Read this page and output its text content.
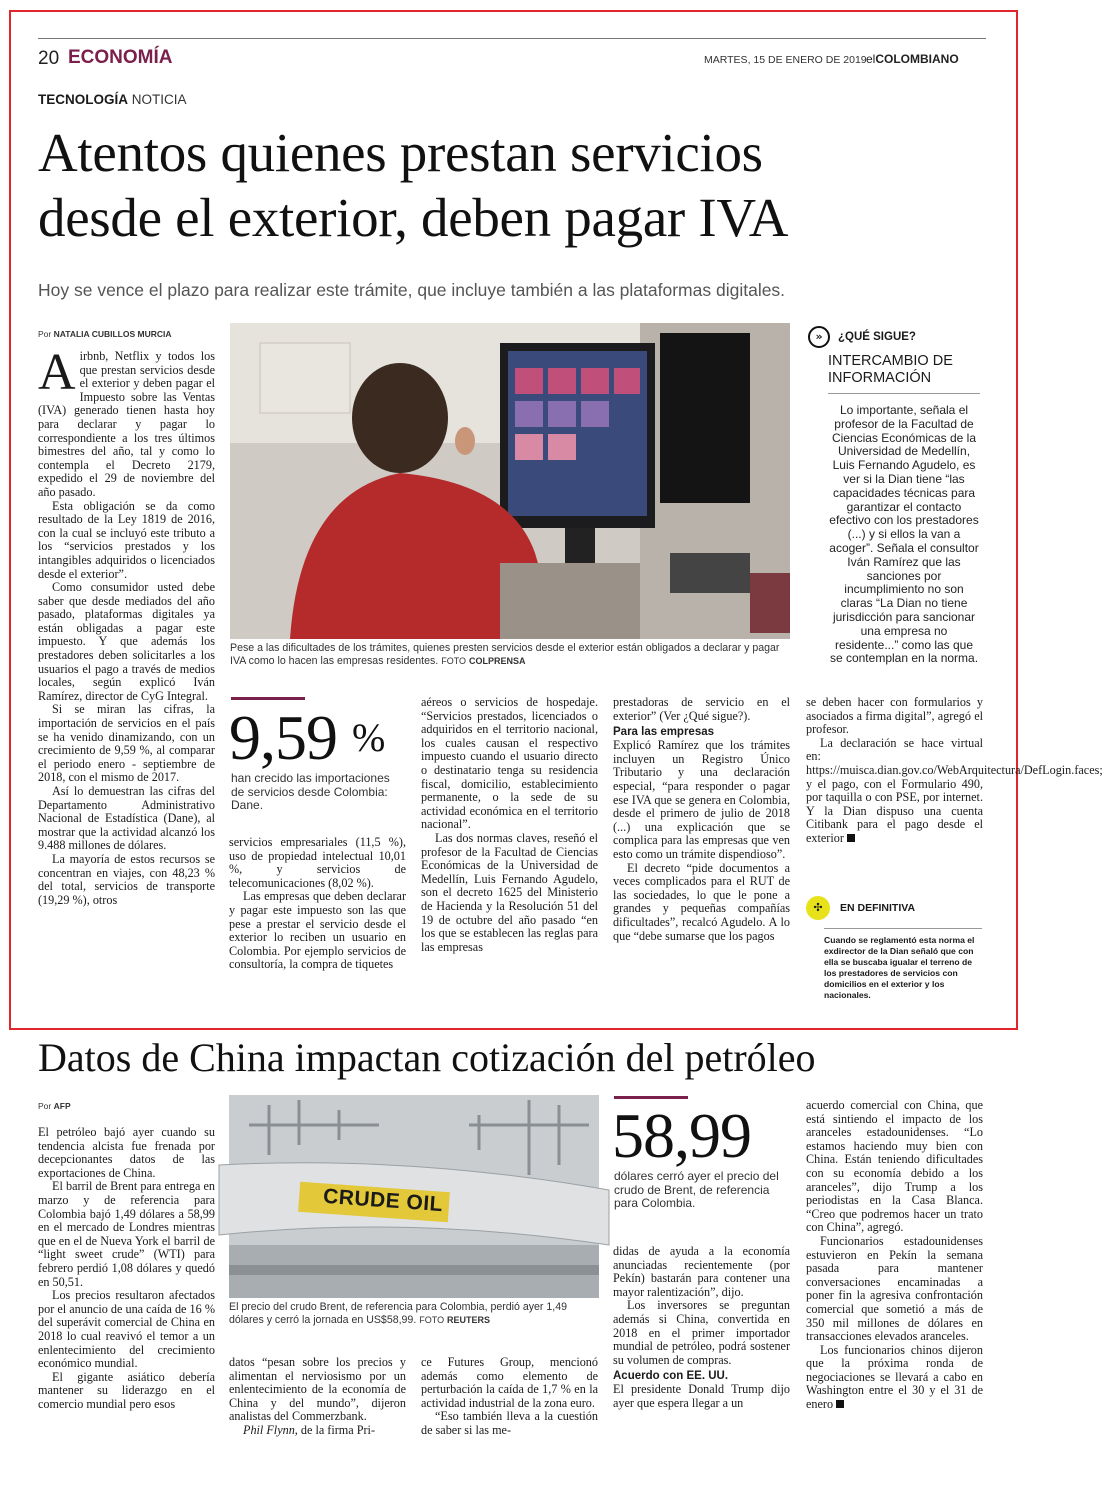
20 ECONOMÍA	MARTES, 15 DE ENERO DE 2019 elCOLOMBIANO
TECNOLOGÍA NOTICIA
Atentos quienes prestan servicios
desde el exterior, deben pagar IVA
Hoy se vence el plazo para realizar este trámite, que incluye también a las plataformas digitales.
Por NATALIA CUBILLOS MURCIA

Airbnb, Netflix y todos los que prestan servicios desde el exterior y deben pagar el Impuesto sobre las Ventas (IVA) generado tienen hasta hoy para declarar y pagar lo correspondiente a los tres últimos bimestres del año, tal y como lo contempla el Decreto 2179, expedido el 29 de noviembre del año pasado.

Esta obligación se da como resultado de la Ley 1819 de 2016, con la cual se incluyó este tributo a los “servicios prestados y los intangibles adquiridos o licenciados desde el exterior”.

Como consumidor usted debe saber que desde mediados del año pasado, plataformas digitales ya están obligadas a pagar este impuesto. Y que además los prestadores deben solicitarles a los usuarios el pago a través de medios locales, según explicó Iván Ramírez, director de CyG Integral.

Si se miran las cifras, la importación de servicios en el país se ha venido dinamizando, con un crecimiento de 9,59 %, al comparar el periodo enero - septiembre de 2018, con el mismo de 2017.

Así lo demuestran las cifras del Departamento Administrativo Nacional de Estadística (Dane), al mostrar que la actividad alcanzó los 9.488 millones de dólares.

La mayoría de estos recursos se concentran en viajes, con 48,23 % del total, servicios de transporte (19,29 %), otros

Pese a las dificultades de los trámites, quienes presten servicios desde el exterior están obligados a declarar y pagar IVA como lo hacen las empresas residentes. FOTO COLPRENSA
»	¿QUÉ SIGUE?
INTERCAMBIO DE INFORMACIÓN
Lo importante, señala el profesor de la Facultad de Ciencias Económicas de la Universidad de Medellín, Luis Fernando Agudelo, es ver si la Dian tiene “las capacidades técnicas para garantizar el contacto efectivo con los prestadores (...) y si ellos la van a acoger”. Señala el consultor Iván Ramírez que las sanciones por incumplimiento no son claras “La Dian no tiene jurisdicción para sancionar una empresa no residente...” como las que se contemplan en la norma.
9,59 %
han crecido las importaciones de servicios desde Colombia: Dane.

servicios empresariales (11,5 %), uso de propiedad intelectual 10,01 %, y servicios de telecomunicaciones (8,02 %).

Las empresas que deben declarar y pagar este impuesto son las que pese a prestar el servicio desde el exterior lo reciben un usuario en Colombia. Por ejemplo servicios de consultoría, la compra de tiquetes

aéreos o servicios de hospedaje. “Servicios prestados, licenciados o adquiridos en el territorio nacional, los cuales causan el respectivo impuesto cuando el usuario directo o destinatario tenga su residencia fiscal, domicilio, establecimiento permanente, o la sede de su actividad económica en el territorio nacional”.

Las dos normas claves, reseñó el profesor de la Facultad de Ciencias Económicas de la Universidad de Medellín, Luis Fernando Agudelo, son el decreto 1625 del Ministerio de Hacienda y la Resolución 51 del 19 de octubre del año pasado “en los que se establecen las reglas para las empresas

prestadoras de servicio en el exterior” (Ver ¿Qué sigue?).

Para las empresas

Explicó Ramírez que los trámites incluyen un Registro Único Tributario y una declaración especial, “para responder o pagar ese IVA que se genera en Colombia, desde el primero de julio de 2018 (...) una explicación que se complica para las empresas que ven esto como un trámite dispendioso”.

El decreto “pide documentos a veces complicados para el RUT de las sociedades, lo que le pone a grandes y pequeñas compañías dificultades”, recalcó Agudelo. A lo que “debe sumarse que los pagos

se deben hacer con formularios y asociados a firma digital”, agregó el profesor.

La declaración se hace virtual en: https://muisca.dian.gov.co/WebArquitectura/DefLogin.faces; y el pago, con el Formulario 490, por taquilla o con PSE, por internet. Y la Dian dispuso una cuenta Citibank para el pago desde el exterior

✣	EN DEFINITIVA
Cuando se reglamentó esta norma el exdirector de la Dian señaló que con ella se buscaba igualar el terreno de los prestadores de servicios con domicilios en el exterior y los nacionales.
Datos de China impactan cotización del petróleo
Por AFP

El petróleo bajó ayer cuando su tendencia alcista fue frenada por decepcionantes datos de las exportaciones de China.

El barril de Brent para entrega en marzo y de referencia para Colombia bajó 1,49 dólares a 58,99 en el mercado de Londres mientras que en el de Nueva York el barril de “light sweet crude” (WTI) para febrero perdió 1,08 dólares y quedó en 50,51.

Los precios resultaron afectados por el anuncio de una caída de 16 % del superávit comercial de China en 2018 lo cual reavivó el temor a un enlentecimiento del crecimiento económico mundial.

El gigante asiático debería mantener su liderazgo en el comercio mundial pero esos

CRUDE OIL
El precio del crudo Brent, de referencia para Colombia, perdió ayer 1,49 dólares y cerró la jornada en US$58,99. FOTO REUTERS

datos “pesan sobre los precios y alimentan el nerviosismo por un enlentecimiento de la economía de China y del mundo”, dijeron analistas del Commerzbank.

Phil Flynn, de la firma Pri-

ce Futures Group, mencionó además como elemento de perturbación la caída de 1,7 % en la actividad industrial de la zona euro.

“Eso también lleva a la cuestión de saber si las me-

58,99
dólares cerró ayer el precio del crudo de Brent, de referencia para Colombia.

didas de ayuda a la economía anunciadas recientemente (por Pekín) bastarán para contener una mayor ralentización”, dijo.

Los inversores se preguntan además si China, convertida en 2018 en el primer importador mundial de petróleo, podrá sostener su volumen de compras.

Acuerdo con EE. UU.

El presidente Donald Trump dijo ayer que espera llegar a un

acuerdo comercial con China, que está sintiendo el impacto de los aranceles estadounidenses. “Lo estamos haciendo muy bien con China. Están teniendo dificultades con su economía debido a los aranceles”, dijo Trump a los periodistas en la Casa Blanca. “Creo que podremos hacer un trato con China”, agregó.

Funcionarios estadounidenses estuvieron en Pekín la semana pasada para mantener conversaciones encaminadas a poner fin la agresiva confrontación comercial que sometió a más de 350 mil millones de dólares en transacciones elevados aranceles.

Los funcionarios chinos dijeron que la próxima ronda de negociaciones se llevará a cabo en Washington entre el 30 y el 31 de enero
